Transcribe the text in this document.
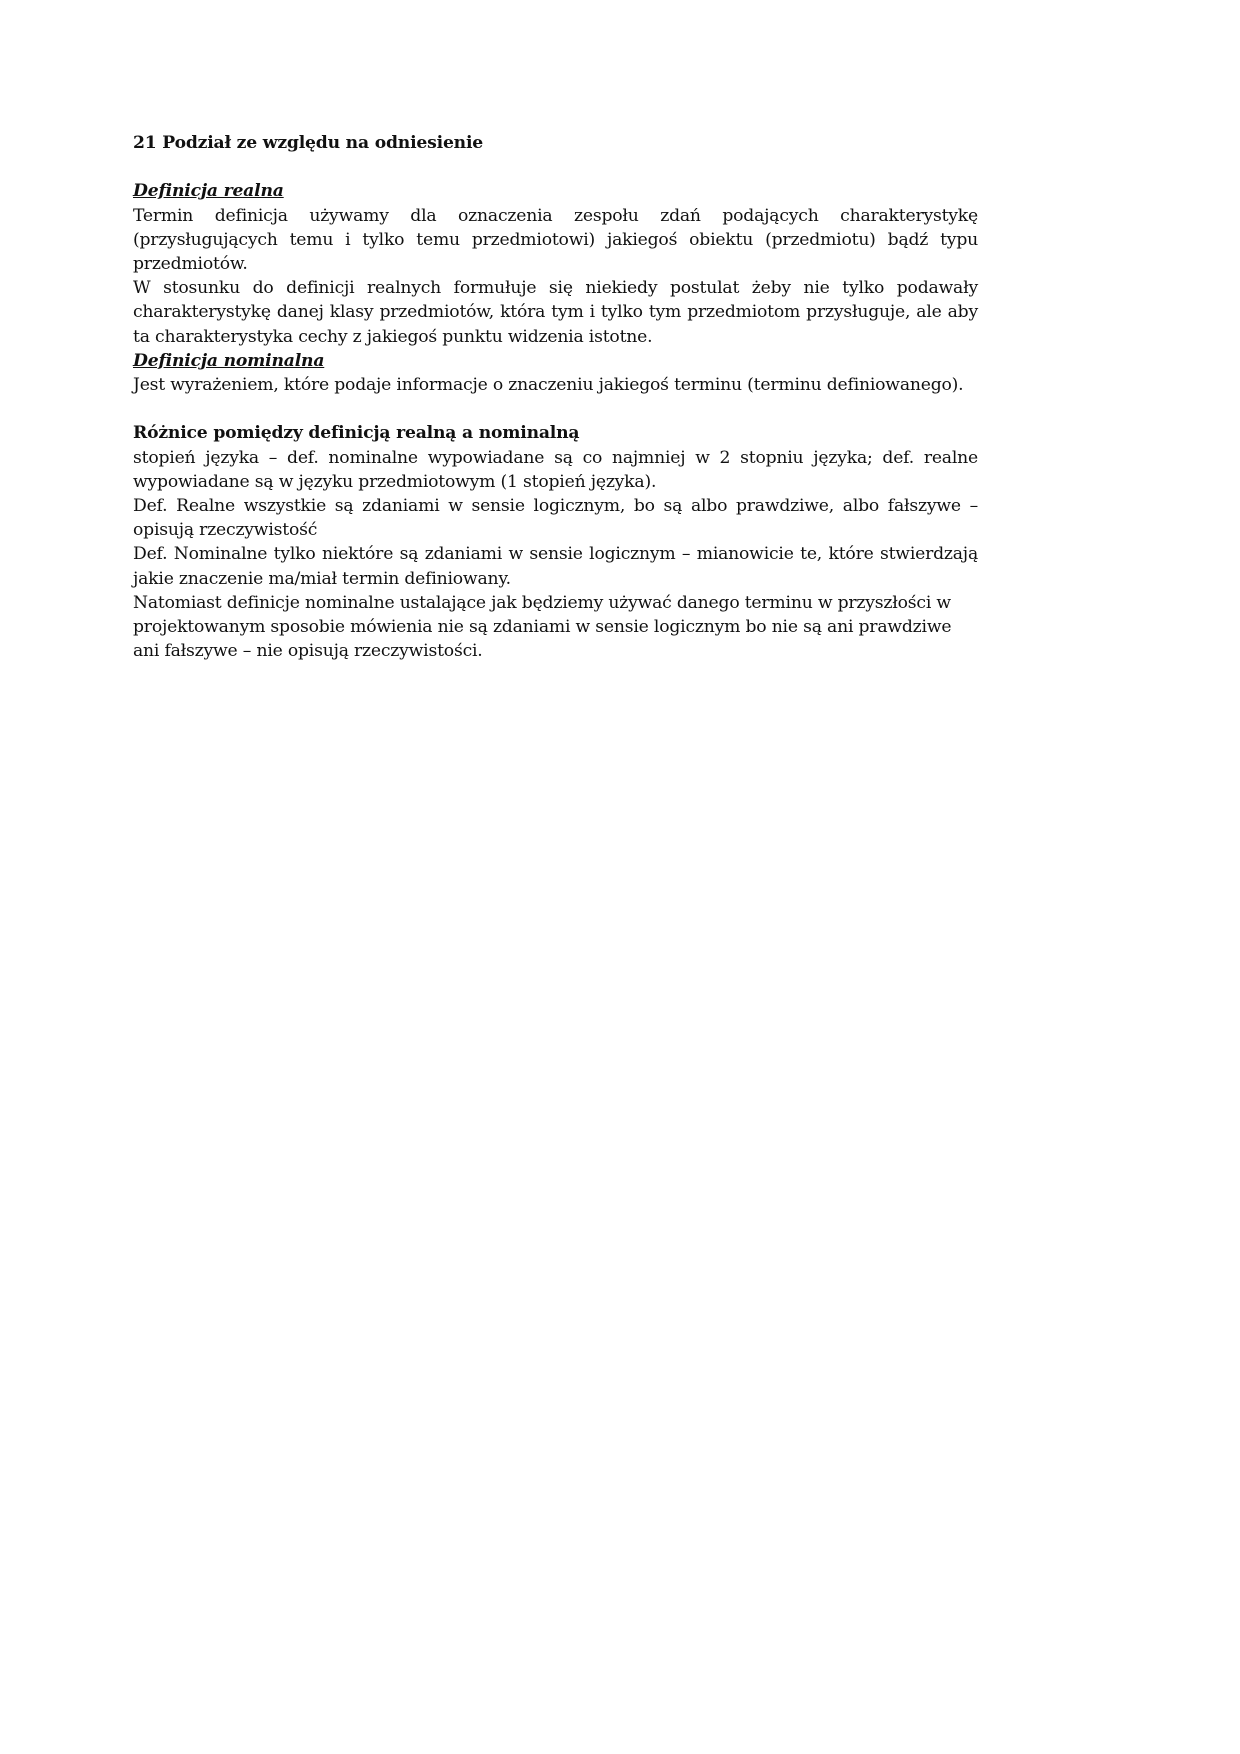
21 Podział ze względu na odniesienie

Definicja realna

Termin definicja używamy dla oznaczenia zespołu zdań podających charakterystykę (przysługujących temu i tylko temu przedmiotowi) jakiegoś obiektu (przedmiotu) bądź typu przedmiotów.

W stosunku do definicji realnych formułuje się niekiedy postulat żeby nie tylko podawały charakterystykę danej klasy przedmiotów, która tym i tylko tym przedmiotom przysługuje, ale aby ta charakterystyka cechy z jakiegoś punktu widzenia istotne.

Definicja nominalna

Jest wyrażeniem, które podaje informacje o znaczeniu jakiegoś terminu (terminu definiowanego).

Różnice pomiędzy definicją realną a nominalną

stopień języka – def. nominalne wypowiadane są co najmniej w 2 stopniu języka; def. realne wypowiadane są w języku przedmiotowym (1 stopień języka).

Def. Realne wszystkie są zdaniami w sensie logicznym, bo są albo prawdziwe, albo fałszywe – opisują rzeczywistość

Def. Nominalne tylko niektóre są zdaniami w sensie logicznym – mianowicie te, które stwierdzają jakie znaczenie ma/miał termin definiowany.

Natomiast definicje nominalne ustalające jak będziemy używać danego terminu w przyszłości w projektowanym sposobie mówienia nie są zdaniami w sensie logicznym bo nie są ani prawdziwe ani fałszywe – nie opisują rzeczywistości.
